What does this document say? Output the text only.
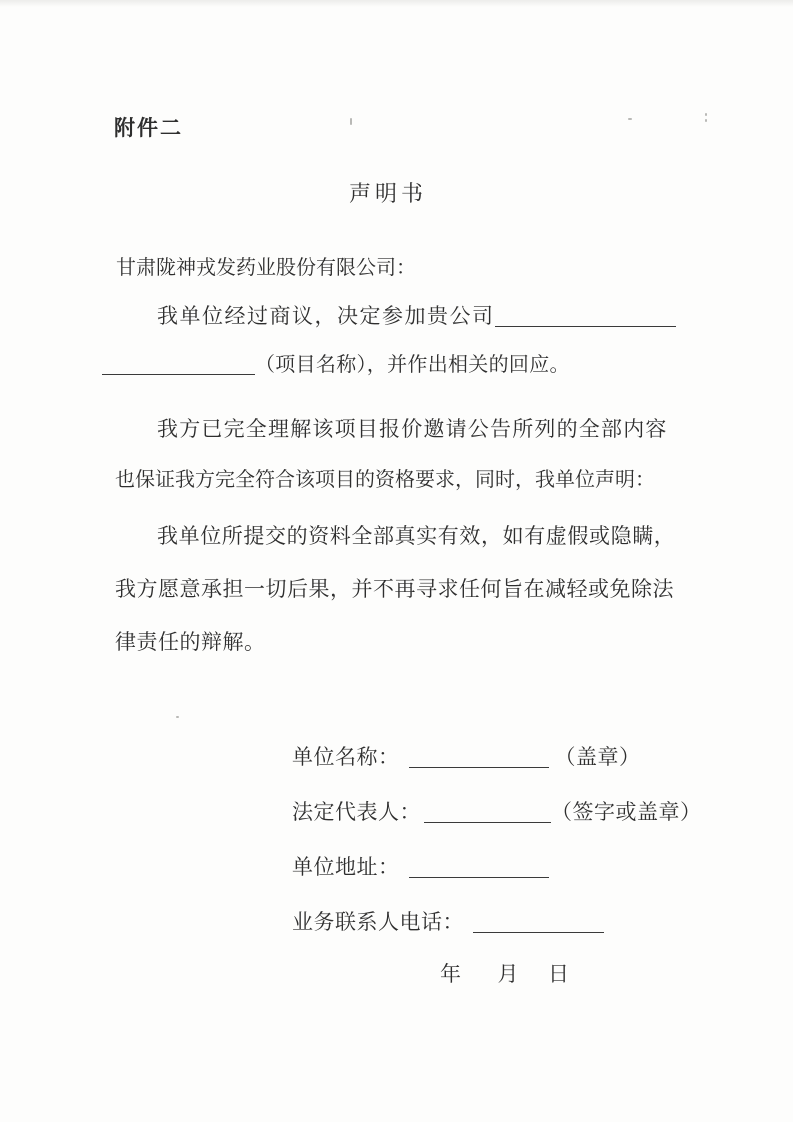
附件二
声明书
甘肃陇神戎发药业股份有限公司：
我单位经过商议，决定参加贵公司
（项目名称），并作出相关的回应。
我方已完全理解该项目报价邀请公告所列的全部内容
也保证我方完全符合该项目的资格要求，同时，我单位声明：
我单位所提交的资料全部真实有效，如有虚假或隐瞒，
我方愿意承担一切后果，并不再寻求任何旨在减轻或免除法
律责任的辩解。
单位名称：	（盖章）
法定代表人：	（签字或盖章）
单位地址：
业务联系人电话：
年 月 日
